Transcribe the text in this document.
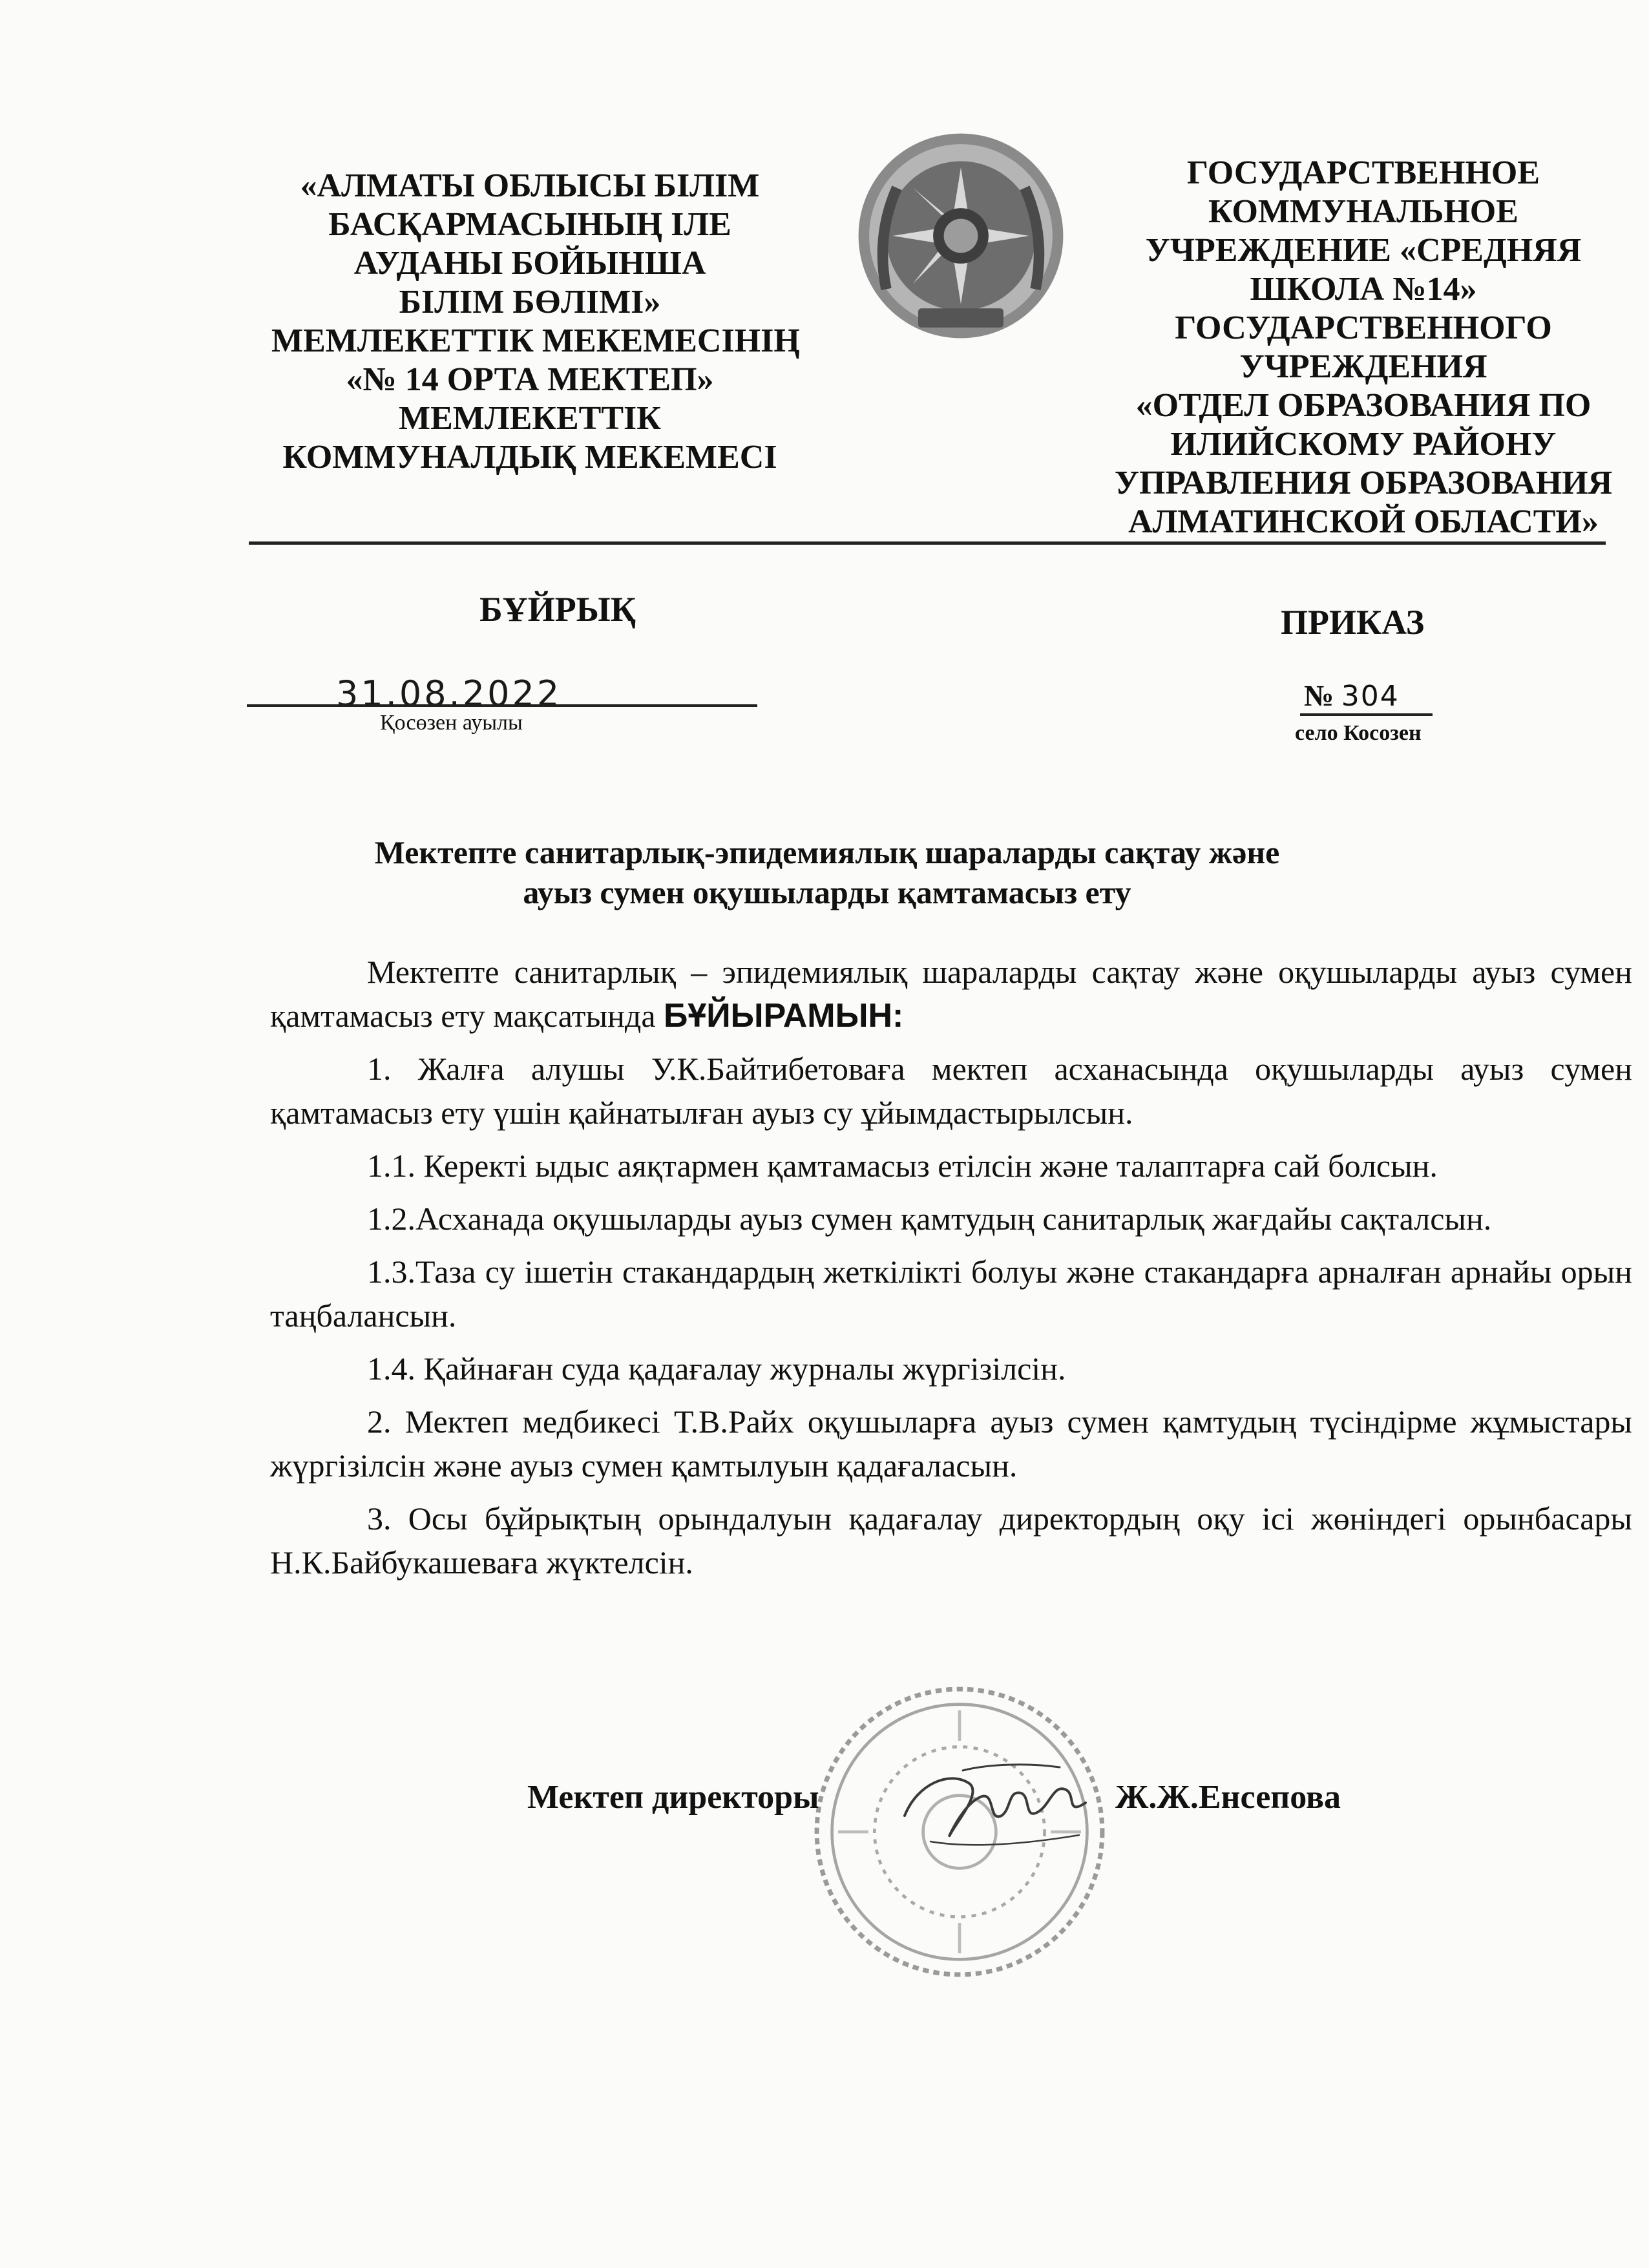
«АЛМАТЫ ОБЛЫСЫ БІЛІМ
БАСҚАРМАСЫНЫҢ ІЛЕ
АУДАНЫ БОЙЫНША
БІЛІМ БӨЛІМІ»
МЕМЛЕКЕТТІК МЕКЕМЕСІНІҢ
«№ 14 ОРТА МЕКТЕП»
МЕМЛЕКЕТТІК
КОММУНАЛДЫҚ МЕКЕМЕСІ
ГОСУДАРСТВЕННОЕ
КОММУНАЛЬНОЕ
УЧРЕЖДЕНИЕ «СРЕДНЯЯ
ШКОЛА №14»
ГОСУДАРСТВЕННОГО
УЧРЕЖДЕНИЯ
«ОТДЕЛ ОБРАЗОВАНИЯ ПО
ИЛИЙСКОМУ РАЙОНУ
УПРАВЛЕНИЯ ОБРАЗОВАНИЯ
АЛМАТИНСКОЙ ОБЛАСТИ»
БҰЙРЫҚ	ПРИКАЗ
31.08.2022
Қосөзен ауылы
№ 304
село Косозен
Мектепте санитарлық-эпидемиялық шараларды сақтау және
ауыз сумен оқушыларды қамтамасыз ету

Мектепте санитарлық – эпидемиялық шараларды сақтау және оқушыларды ауыз сумен қамтамасыз ету мақсатында БҰЙЫРАМЫН:

1. Жалға алушы У.К.Байтибетоваға мектеп асханасында оқушыларды ауыз сумен қамтамасыз ету үшін қайнатылған ауыз су ұйымдастырылсын.

1.1. Керекті ыдыс аяқтармен қамтамасыз етілсін және талаптарға сай болсын.

1.2.Асханада оқушыларды ауыз сумен қамтудың санитарлық жағдайы сақталсын.

1.3.Таза су ішетін стакандардың жеткілікті болуы және стакандарға арналған арнайы орын таңбалансын.

1.4. Қайнаған суда қадағалау журналы жүргізілсін.

2. Мектеп медбикесі Т.В.Райх оқушыларға ауыз сумен қамтудың түсіндірме жұмыстары жүргізілсін және ауыз сумен қамтылуын қадағаласын.

3. Осы бұйрықтың орындалуын қадағалау директордың оқу ісі жөніндегі орынбасары Н.К.Байбукашеваға жүктелсін.

Мектеп директоры	Ж.Ж.Енсепова
